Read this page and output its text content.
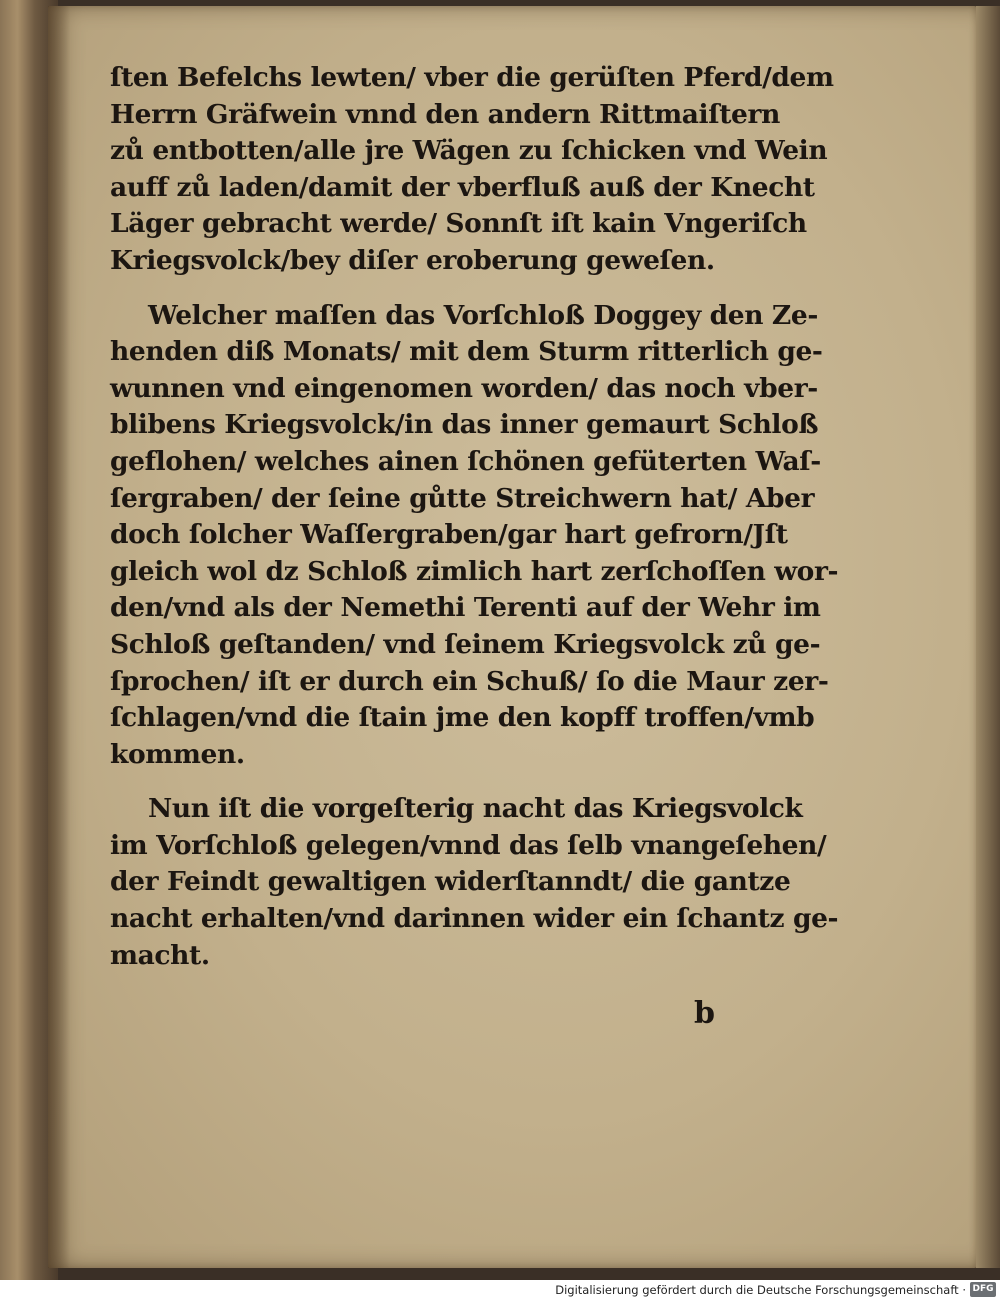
ſten Befelchs lewten/ vber die gerüſten Pferd/dem
Herrn Gräfwein vnnd den andern Rittmaiſtern
zů entbotten/alle jre Wägen zu ſchicken vnd Wein
auff zů laden/damit der vberfluß auß der Knecht
Läger gebracht werde/ Sonnſt iſt kain Vngeriſch
Kriegsvolck/bey diſer eroberung geweſen.
Welcher maſſen das Vorſchloß Doggey den Ze-
henden diß Monats/ mit dem Sturm ritterlich ge-
wunnen vnd eingenomen worden/ das noch vber-
blibens Kriegsvolck/in das inner gemaurt Schloß
geflohen/ welches ainen ſchönen gefüterten Waſ-
ſergraben/ der ſeine gůtte Streichwern hat/ Aber
doch ſolcher Waſſergraben/gar hart gefrorn/Jſt
gleich wol dz Schloß zimlich hart zerſchoſſen wor-
den/vnd als der Nemethi Terenti auf der Wehr im
Schloß geſtanden/ vnd ſeinem Kriegsvolck zů ge-
ſprochen/ iſt er durch ein Schuß/ ſo die Maur zer-
ſchlagen/vnd die ſtain jme den kopff troffen/vmb
kommen.
Nun iſt die vorgeſterig nacht das Kriegsvolck
im Vorſchloß gelegen/vnnd das ſelb vnangeſehen/
der Feindt gewaltigen widerſtanndt/ die gantze
nacht erhalten/vnd darinnen wider ein ſchantz ge-
macht.
b
Digitalisierung gefördert durch die Deutsche Forschungsgemeinschaft · DFG
